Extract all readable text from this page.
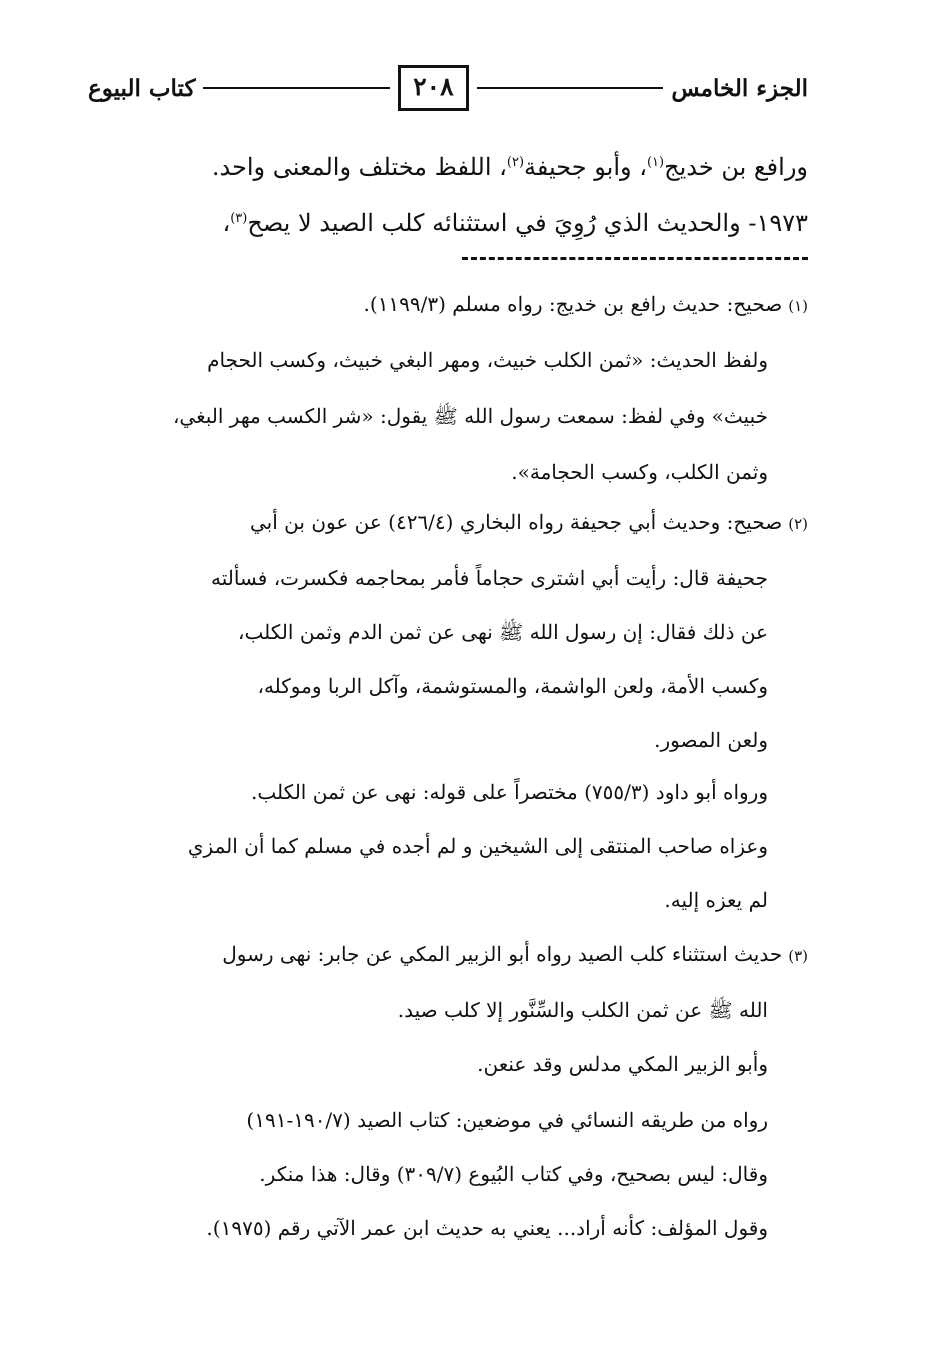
الجزء الخامس
٢٠٨
كتاب البيوع
ورافع بن خديج$^{(١)}$، وأبو جحيفة$^{(٢)}$، اللفظ مختلف والمعنى واحد.
١٩٧٣- والحديث الذي رُوِيَ في استثنائه كلب الصيد لا يصح$^{(٣)}$،
(١)صحيح: حديث رافع بن خديج: رواه مسلم (١١٩٩/٣).
ولفظ الحديث: «ثمن الكلب خبيث، ومهر البغي خبيث، وكسب الحجام
خبيث» وفي لفظ: سمعت رسول الله ﷺ يقول: «شر الكسب مهر البغي،
وثمن الكلب، وكسب الحجامة».
(٢)صحيح: وحديث أبي جحيفة رواه البخاري (٤٢٦/٤) عن عون بن أبي
جحيفة قال: رأيت أبي اشترى حجاماً فأمر بمحاجمه فكسرت، فسألته
عن ذلك فقال: إن رسول الله ﷺ نهى عن ثمن الدم وثمن الكلب،
وكسب الأمة، ولعن الواشمة، والمستوشمة، وآكل الربا وموكله،
ولعن المصور.
ورواه أبو داود (٧٥٥/٣) مختصراً على قوله: نهى عن ثمن الكلب.
وعزاه صاحب المنتقى إلى الشيخين و لم أجده في مسلم كما أن المزي
لم يعزه إليه.
(٣)حديث استثناء كلب الصيد رواه أبو الزبير المكي عن جابر: نهى رسول
الله ﷺ عن ثمن الكلب والسِّنَّور إلا كلب صيد.
وأبو الزبير المكي مدلس وقد عنعن.
رواه من طريقه النسائي في موضعين: كتاب الصيد (١٩٠/٧-١٩١)
وقال: ليس بصحيح، وفي كتاب البُيوع (٣٠٩/٧) وقال: هذا منكر.
وقول المؤلف: كأنه أراد... يعني به حديث ابن عمر الآتي رقم (١٩٧٥).
